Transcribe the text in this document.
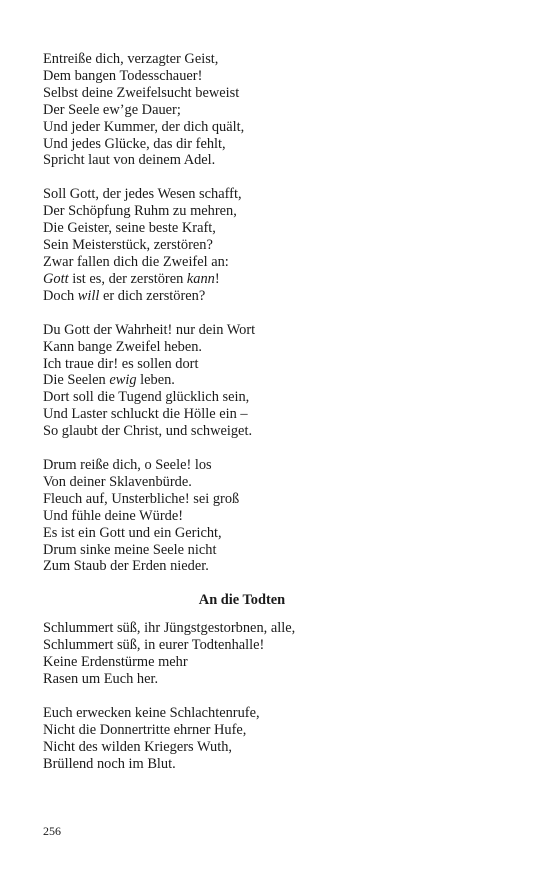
Entreiße dich, verzagter Geist,
Dem bangen Todesschauer!
Selbst deine Zweifelsucht beweist
Der Seele ew’ge Dauer;
Und jeder Kummer, der dich quält,
Und jedes Glücke, das dir fehlt,
Spricht laut von deinem Adel.
Soll Gott, der jedes Wesen schafft,
Der Schöpfung Ruhm zu mehren,
Die Geister, seine beste Kraft,
Sein Meisterstück, zerstören?
Zwar fallen dich die Zweifel an:
Gott ist es, der zerstören kann!
Doch will er dich zerstören?
Du Gott der Wahrheit! nur dein Wort
Kann bange Zweifel heben.
Ich traue dir! es sollen dort
Die Seelen ewig leben.
Dort soll die Tugend glücklich sein,
Und Laster schluckt die Hölle ein –
So glaubt der Christ, und schweiget.
Drum reiße dich, o Seele! los
Von deiner Sklavenbürde.
Fleuch auf, Unsterbliche! sei groß
Und fühle deine Würde!
Es ist ein Gott und ein Gericht,
Drum sinke meine Seele nicht
Zum Staub der Erden nieder.
An die Todten
Schlummert süß, ihr Jüngstgestorbnen, alle,
Schlummert süß, in eurer Todtenhalle!
Keine Erdenstürme mehr
Rasen um Euch her.
Euch erwecken keine Schlachtenrufe,
Nicht die Donnertritte ehrner Hufe,
Nicht des wilden Kriegers Wuth,
Brüllend noch im Blut.
256
